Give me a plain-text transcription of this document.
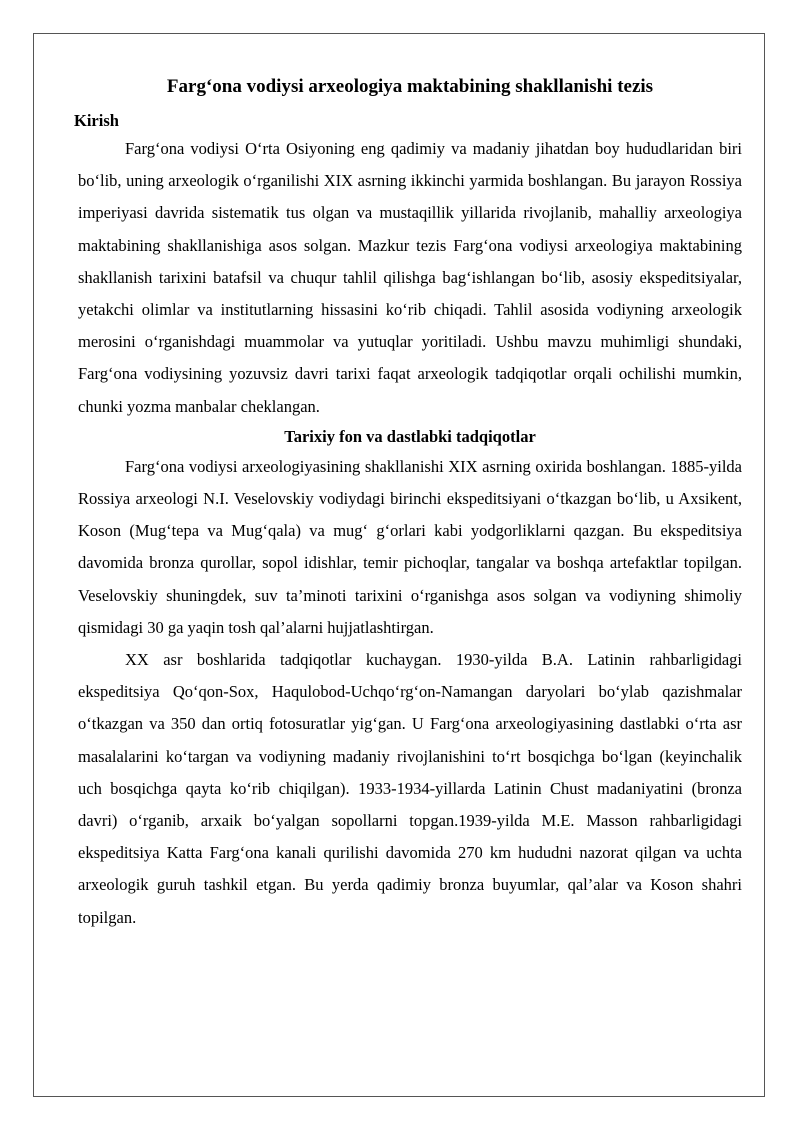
Farg‘ona vodiysi arxeologiya maktabining shakllanishi tezis
Kirish

Farg‘ona vodiysi O‘rta Osiyoning eng qadimiy va madaniy jihatdan boy hududlaridan biri bo‘lib, uning arxeologik o‘rganilishi XIX asrning ikkinchi yarmida boshlangan. Bu jarayon Rossiya imperiyasi davrida sistematik tus olgan va mustaqillik yillarida rivojlanib, mahalliy arxeologiya maktabining shakllanishiga asos solgan. Mazkur tezis Farg‘ona vodiysi arxeologiya maktabining shakllanish tarixini batafsil va chuqur tahlil qilishga bag‘ishlangan bo‘lib, asosiy ekspeditsiyalar, yetakchi olimlar va institutlarning hissasini ko‘rib chiqadi. Tahlil asosida vodiyning arxeologik merosini o‘rganishdagi muammolar va yutuqlar yoritiladi. Ushbu mavzu muhimligi shundaki, Farg‘ona vodiysining yozuvsiz davri tarixi faqat arxeologik tadqiqotlar orqali ochilishi mumkin, chunki yozma manbalar cheklangan.

Tarixiy fon va dastlabki tadqiqotlar

Farg‘ona vodiysi arxeologiyasining shakllanishi XIX asrning oxirida boshlangan. 1885-yilda Rossiya arxeologi N.I. Veselovskiy vodiydagi birinchi ekspeditsiyani o‘tkazgan bo‘lib, u Axsikent, Koson (Mug‘tepa va Mug‘qala) va mug‘ g‘orlari kabi yodgorliklarni qazgan. Bu ekspeditsiya davomida bronza qurollar, sopol idishlar, temir pichoqlar, tangalar va boshqa artefaktlar topilgan. Veselovskiy shuningdek, suv ta’minoti tarixini o‘rganishga asos solgan va vodiyning shimoliy qismidagi 30 ga yaqin tosh qal’alarni hujjatlashtirgan.

XX asr boshlarida tadqiqotlar kuchaygan. 1930-yilda B.A. Latinin rahbarligidagi ekspeditsiya Qo‘qon-Sox, Haqulobod-Uchqo‘rg‘on-Namangan daryolari bo‘ylab qazishmalar o‘tkazgan va 350 dan ortiq fotosuratlar yig‘gan. U Farg‘ona arxeologiyasining dastlabki o‘rta asr masalalarini ko‘targan va vodiyning madaniy rivojlanishini to‘rt bosqichga bo‘lgan (keyinchalik uch bosqichga qayta ko‘rib chiqilgan). 1933-1934-yillarda Latinin Chust madaniyatini (bronza davri) o‘rganib, arxaik bo‘yalgan sopollarni topgan.1939-yilda M.E. Masson rahbarligidagi ekspeditsiya Katta Farg‘ona kanali qurilishi davomida 270 km hududni nazorat qilgan va uchta arxeologik guruh tashkil etgan. Bu yerda qadimiy bronza buyumlar, qal’alar va Koson shahri topilgan.
